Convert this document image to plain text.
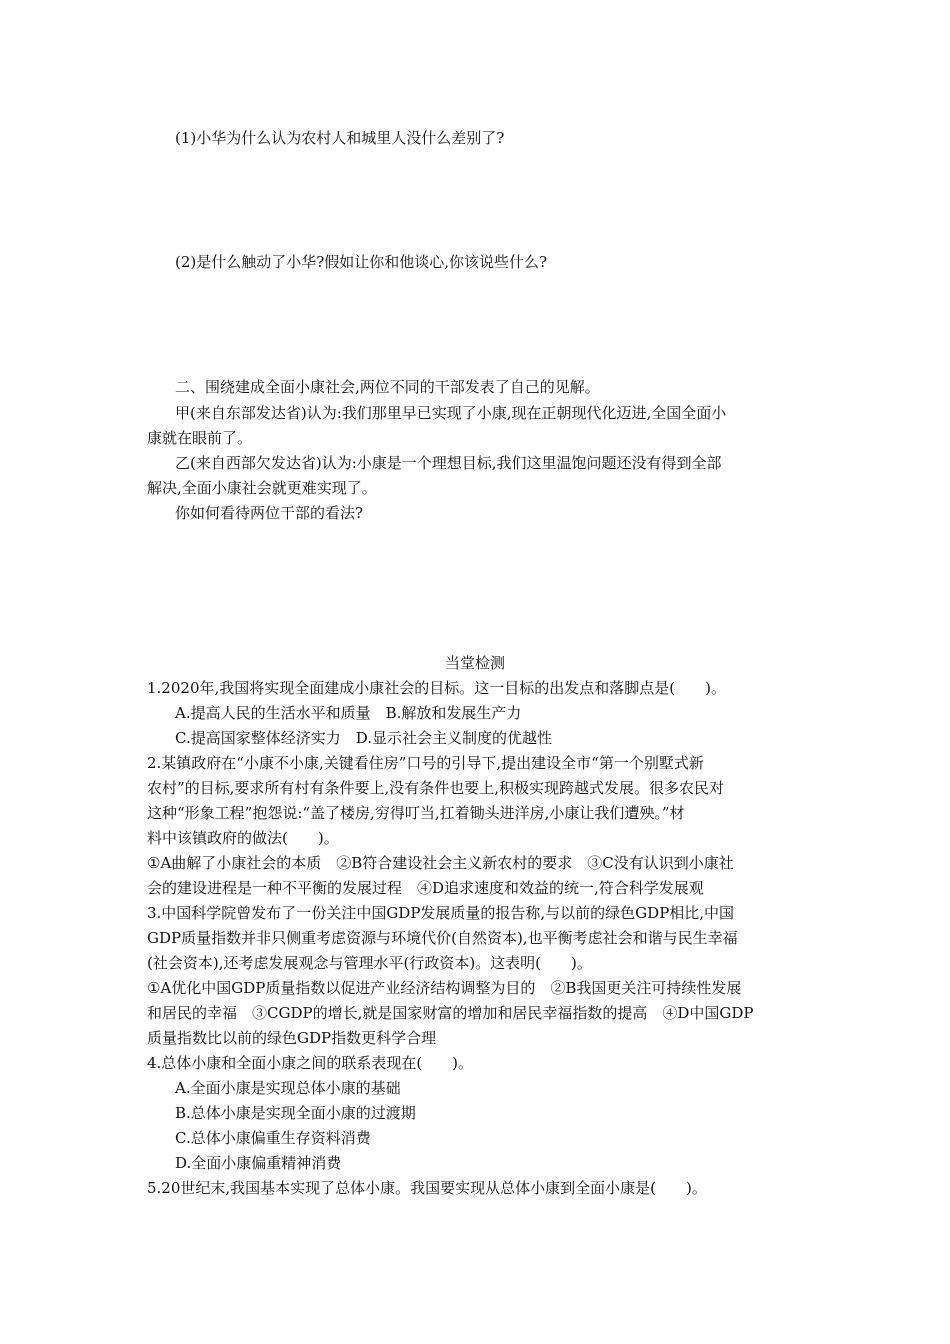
(1)小华为什么认为农村人和城里人没什么差别了?
(2)是什么触动了小华?假如让你和他谈心,你该说些什么?
二、围绕建成全面小康社会,两位不同的干部发表了自己的见解。
甲(来自东部发达省)认为:我们那里早已实现了小康,现在正朝现代化迈进,全国全面小
康就在眼前了。
乙(来自西部欠发达省)认为:小康是一个理想目标,我们这里温饱问题还没有得到全部
解决,全面小康社会就更难实现了。
你如何看待两位干部的看法?
当堂检测
1.2020年,我国将实现全面建成小康社会的目标。这一目标的出发点和落脚点是(　　)。
A.提高人民的生活水平和质量　B.解放和发展生产力
C.提高国家整体经济实力　D.显示社会主义制度的优越性
2.某镇政府在“小康不小康,关键看住房”口号的引导下,提出建设全市“第一个别墅式新
农村”的目标,要求所有村有条件要上,没有条件也要上,积极实现跨越式发展。很多农民对
这种“形象工程”抱怨说:“盖了楼房,穷得叮当,扛着锄头进洋房,小康让我们遭殃。”材
料中该镇政府的做法(　　)。
①A曲解了小康社会的本质　②B符合建设社会主义新农村的要求　③C没有认识到小康社
会的建设进程是一种不平衡的发展过程　④D追求速度和效益的统一,符合科学发展观
3.中国科学院曾发布了一份关注中国GDP发展质量的报告称,与以前的绿色GDP相比,中国
GDP质量指数并非只侧重考虑资源与环境代价(自然资本),也平衡考虑社会和谐与民生幸福
(社会资本),还考虑发展观念与管理水平(行政资本)。这表明(　　)。
①A优化中国GDP质量指数以促进产业经济结构调整为目的　②B我国更关注可持续性发展
和居民的幸福　③CGDP的增长,就是国家财富的增加和居民幸福指数的提高　④D中国GDP
质量指数比以前的绿色GDP指数更科学合理
4.总体小康和全面小康之间的联系表现在(　　)。
A.全面小康是实现总体小康的基础
B.总体小康是实现全面小康的过渡期
C.总体小康偏重生存资料消费
D.全面小康偏重精神消费
5.20世纪末,我国基本实现了总体小康。我国要实现从总体小康到全面小康是(　　)。
